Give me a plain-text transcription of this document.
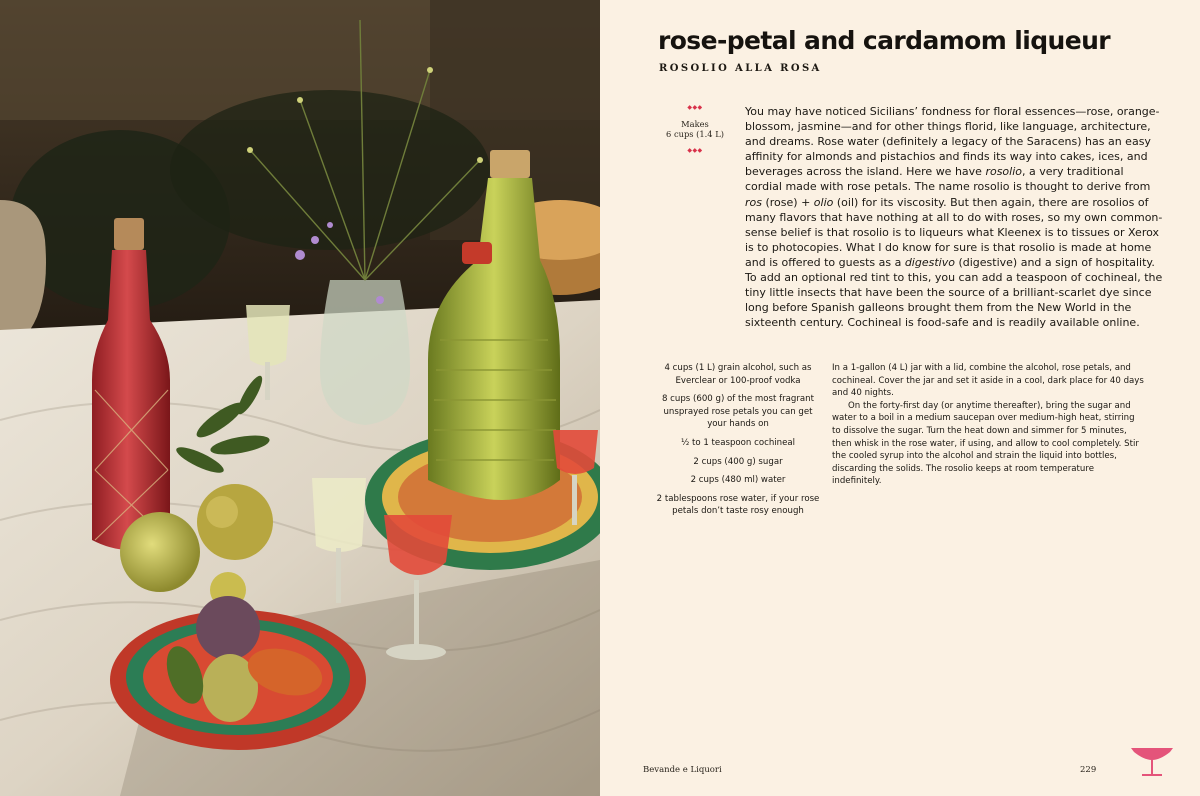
rose-petal and cardamom liqueur
ROSOLIO ALLA ROSA
◆◆◆
Makes
6 cups (1.4 L)
◆◆◆

You may have noticed Sicilians’ fondness for floral essences—rose, orange-blossom, jasmine—and for other things florid, like language, architecture, and dreams. Rose water (definitely a legacy of the Saracens) has an easy affinity for almonds and pistachios and finds its way into cakes, ices, and beverages across the island. Here we have rosolio, a very traditional cordial made with rose petals. The name rosolio is thought to derive from ros (rose) + olio (oil) for its viscosity. But then again, there are rosolios of many flavors that have nothing at all to do with roses, so my own common-sense belief is that rosolio is to liqueurs what Kleenex is to tissues or Xerox is to photocopies. What I do know for sure is that rosolio is made at home and is offered to guests as a digestivo (digestive) and a sign of hospitality. To add an optional red tint to this, you can add a teaspoon of cochineal, the tiny little insects that have been the source of a brilliant-scarlet dye since long before Spanish galleons brought them from the New World in the sixteenth century. Cochineal is food-safe and is readily available online.

4 cups (1 L) grain alcohol, such as Everclear or 100-proof vodka
8 cups (600 g) of the most fragrant unsprayed rose petals you can get your hands on
½ to 1 teaspoon cochineal
2 cups (400 g) sugar
2 cups (480 ml) water
2 tablespoons rose water, if your rose petals don’t taste rosy enough

In a 1-gallon (4 L) jar with a lid, combine the alcohol, rose petals, and cochineal. Cover the jar and set it aside in a cool, dark place for 40 days and 40 nights.

On the forty-first day (or anytime thereafter), bring the sugar and water to a boil in a medium saucepan over medium-high heat, stirring to dissolve the sugar. Turn the heat down and simmer for 5 minutes, then whisk in the rose water, if using, and allow to cool completely. Stir the cooled syrup into the alcohol and strain the liquid into bottles, discarding the solids. The rosolio keeps at room temperature indefinitely.

Bevande e Liquori	229
